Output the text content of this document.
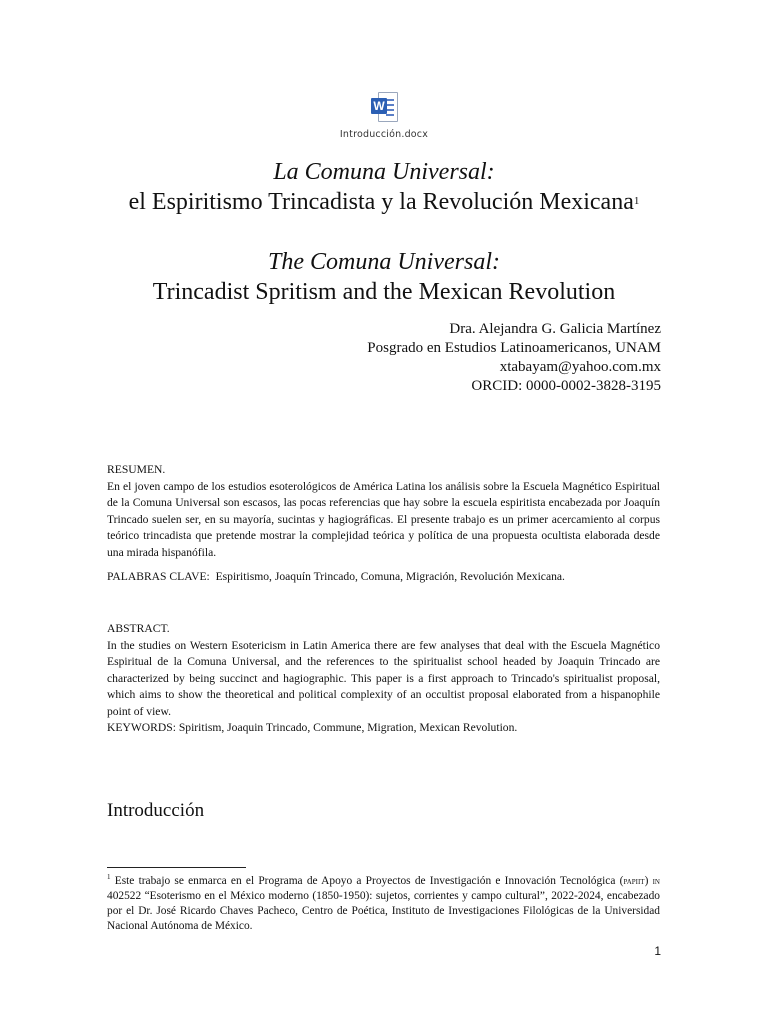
W
Introducción.docx
La Comuna Universal:
el Espiritismo Trincadista y la Revolución Mexicana$^1$
The Comuna Universal:
Trincadist Spritism and the Mexican Revolution
Dra. Alejandra G. Galicia Martínez
Posgrado en Estudios Latinoamericanos, UNAM
xtabayam@yahoo.com.mx
ORCID: 0000-0002-3828-3195
RESUMEN.
En el joven campo de los estudios esoterológicos de América Latina los análisis sobre la Escuela Magnético Espiritual de la Comuna Universal son escasos, las pocas referencias que hay sobre la escuela espiritista encabezada por Joaquín Trincado suelen ser, en su mayoría, sucintas y hagiográficas. El presente trabajo es un primer acercamiento al corpus teórico trincadista que pretende mostrar la complejidad teórica y política de una propuesta ocultista elaborada desde una mirada hispanófila.
PALABRAS CLAVE: Espiritismo, Joaquín Trincado, Comuna, Migración, Revolución Mexicana.
ABSTRACT.
In the studies on Western Esotericism in Latin America there are few analyses that deal with the Escuela Magnético Espiritual de la Comuna Universal, and the references to the spiritualist school headed by Joaquin Trincado are characterized by being succinct and hagiographic. This paper is a first approach to Trincado's spiritualist proposal, which aims to show the theoretical and political complexity of an occultist proposal elaborated from a hispanophile point of view.
KEYWORDS: Spiritism, Joaquin Trincado, Commune, Migration, Mexican Revolution.
Introducción
$^1$ Este trabajo se enmarca en el Programa de Apoyo a Proyectos de Investigación e Innovación Tecnológica (papiit) in 402522 “Esoterismo en el México moderno (1850-1950): sujetos, corrientes y campo cultural”, 2022-2024, encabezado por el Dr. José Ricardo Chaves Pacheco, Centro de Poética, Instituto de Investigaciones Filológicas de la Universidad Nacional Autónoma de México.
1
